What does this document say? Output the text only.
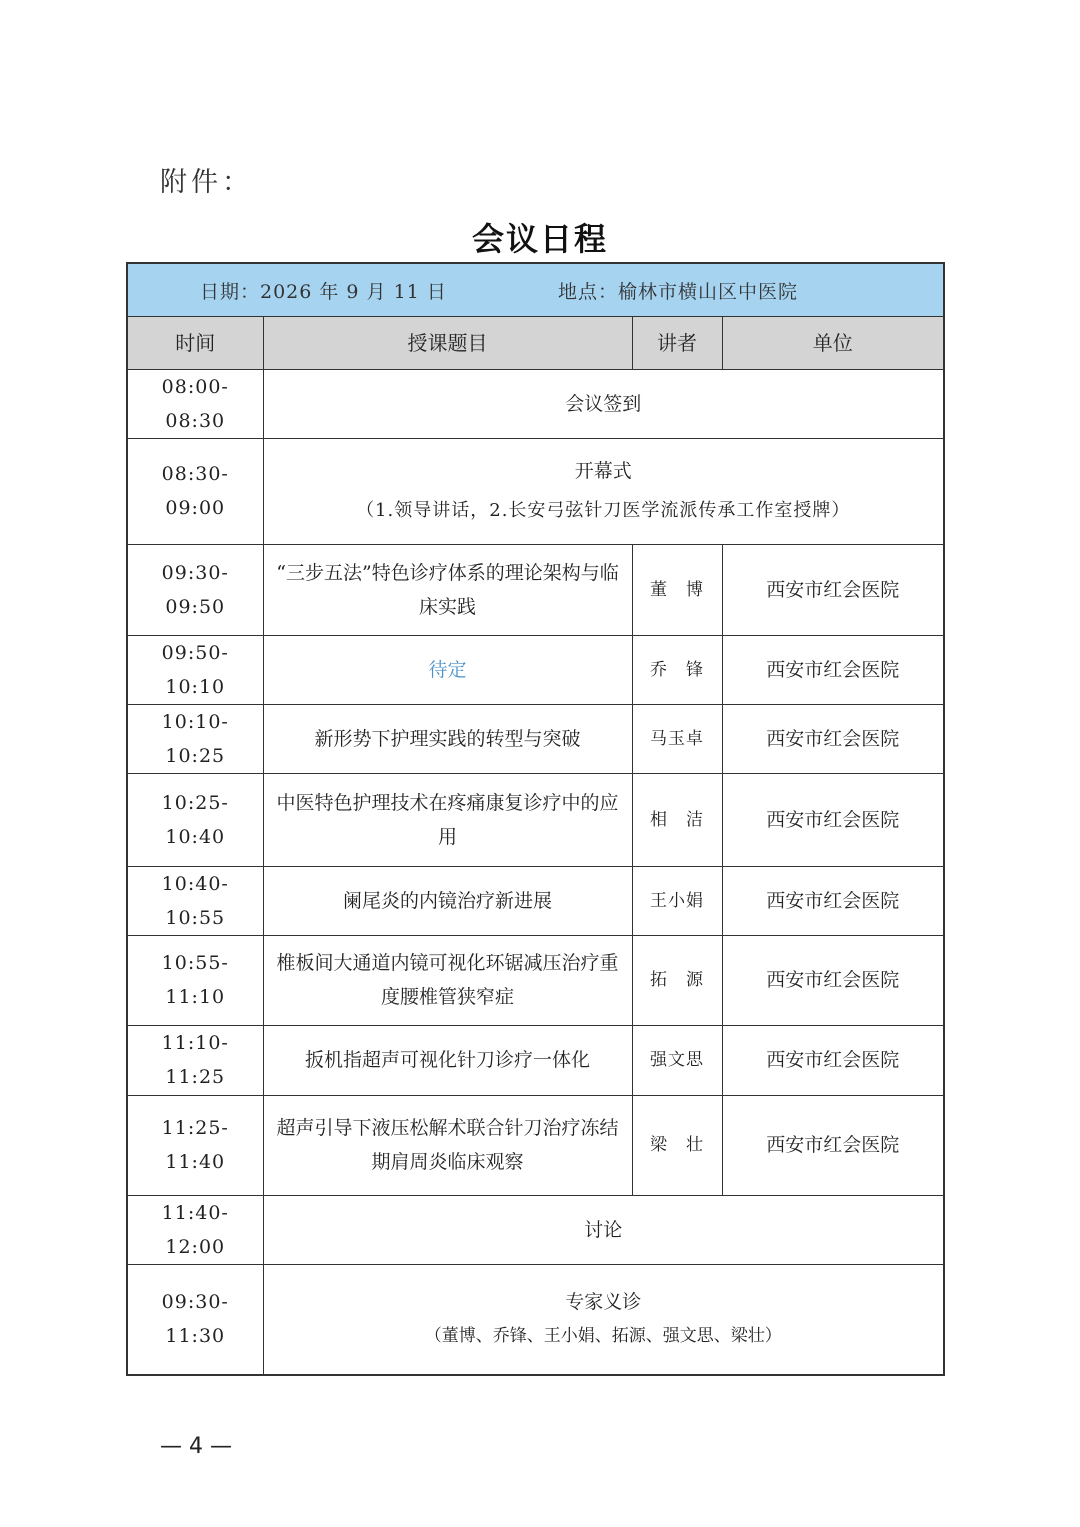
附件：
会议日程
日期：2026 年 9 月 11 日	地点：榆林市横山区中医院
时间	授课题目	讲者	单位
08:00-08:30	会议签到		
08:30-09:00	开幕式
（1.领导讲话，2.长安弓弦针刀医学流派传承工作室授牌）		

09:30-09:50	“三步五法”特色诊疗体系的理论架构与临床实践	董　博	西安市红会医院
09:50-10:10	待定	乔　锋	西安市红会医院
10:10-10:25	新形势下护理实践的转型与突破	马玉卓	西安市红会医院
10:25-10:40	中医特色护理技术在疼痛康复诊疗中的应用	相　洁	西安市红会医院
10:40-10:55	阑尾炎的内镜治疗新进展	王小娟	西安市红会医院
10:55-11:10	椎板间大通道内镜可视化环锯减压治疗重度腰椎管狭窄症	拓　源	西安市红会医院
11:10-11:25	扳机指超声可视化针刀诊疗一体化	强文思	西安市红会医院
11:25-11:40	超声引导下液压松解术联合针刀治疗冻结期肩周炎临床观察	梁　壮	西安市红会医院
11:40-12:00	讨论		
09:30-11:30	专家义诊
（董博、乔锋、王小娟、拓源、强文思、梁壮）		
— 4 —
